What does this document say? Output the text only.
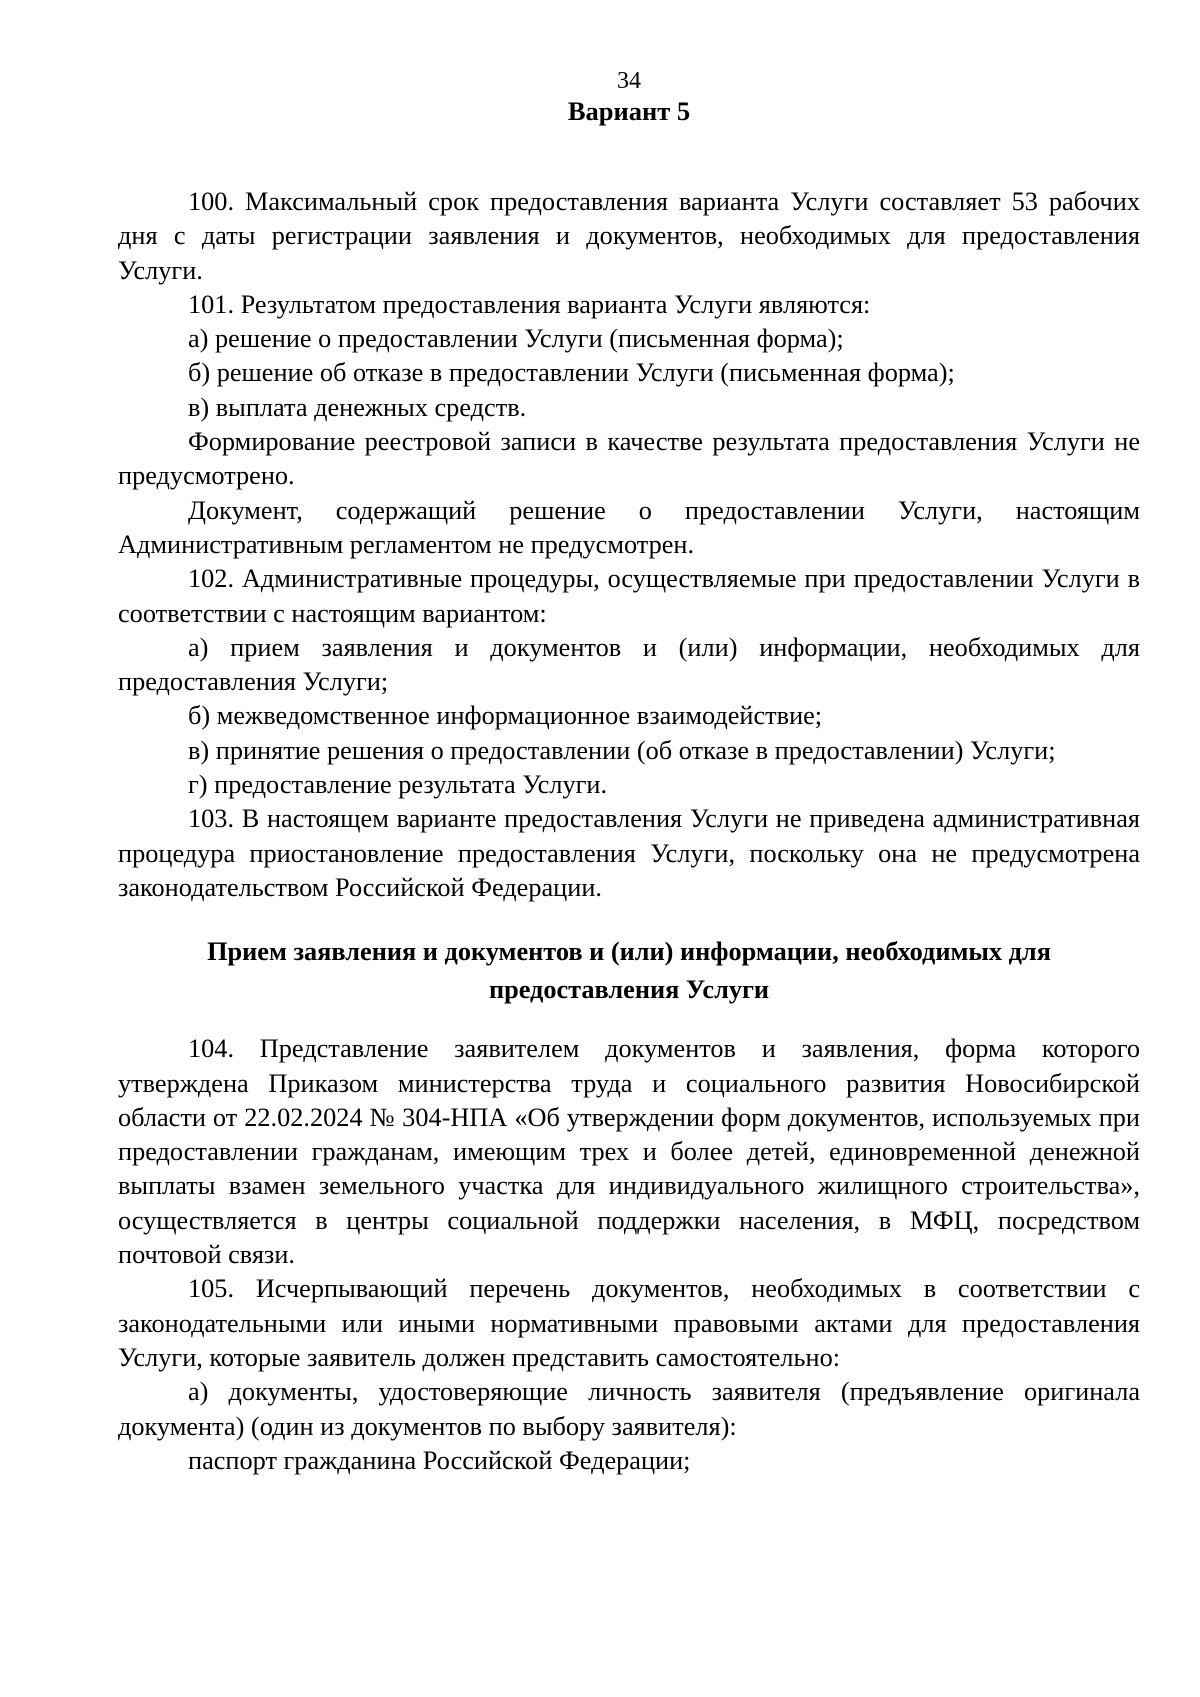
34
Вариант 5

100. Максимальный срок предоставления варианта Услуги составляет 53 рабочих дня с даты регистрации заявления и документов, необходимых для предоставления Услуги.

101. Результатом предоставления варианта Услуги являются:

а) решение о предоставлении Услуги (письменная форма);

б) решение об отказе в предоставлении Услуги (письменная форма);

в) выплата денежных средств.

Формирование реестровой записи в качестве результата предоставления Услуги не предусмотрено.

Документ, содержащий решение о предоставлении Услуги, настоящим Административным регламентом не предусмотрен.

102. Административные процедуры, осуществляемые при предоставлении Услуги в соответствии с настоящим вариантом:

а) прием заявления и документов и (или) информации, необходимых для предоставления Услуги;

б) межведомственное информационное взаимодействие;

в) принятие решения о предоставлении (об отказе в предоставлении) Услуги;

г) предоставление результата Услуги.

103. В настоящем варианте предоставления Услуги не приведена административная процедура приостановление предоставления Услуги, поскольку она не предусмотрена законодательством Российской Федерации.

Прием заявления и документов и (или) информации, необходимых для предоставления Услуги

104. Представление заявителем документов и заявления, форма которого утверждена Приказом министерства труда и социального развития Новосибирской области от 22.02.2024 № 304-НПА «Об утверждении форм документов, используемых при предоставлении гражданам, имеющим трех и более детей, единовременной денежной выплаты взамен земельного участка для индивидуального жилищного строительства», осуществляется в центры социальной поддержки населения, в МФЦ, посредством почтовой связи.

105. Исчерпывающий перечень документов, необходимых в соответствии с законодательными или иными нормативными правовыми актами для предоставления Услуги, которые заявитель должен представить самостоятельно:

а) документы, удостоверяющие личность заявителя (предъявление оригинала документа) (один из документов по выбору заявителя):

паспорт гражданина Российской Федерации;
